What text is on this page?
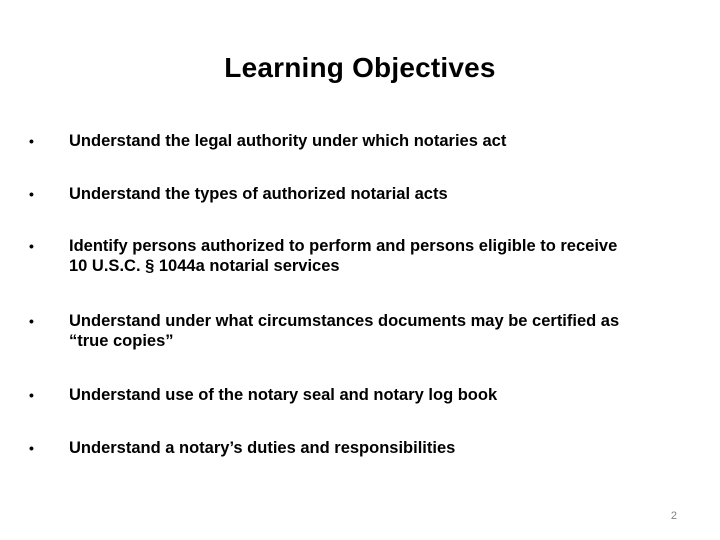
Learning Objectives
•	Understand the legal authority under which notaries act
•	Understand the types of authorized notarial acts
•	Identify persons authorized to perform and persons eligible to receive
10 U.S.C. § 1044a notarial services
•	Understand under what circumstances documents may be certified as
“true copies”
•	Understand use of the notary seal and notary log book
•	Understand a notary’s duties and responsibilities
2
